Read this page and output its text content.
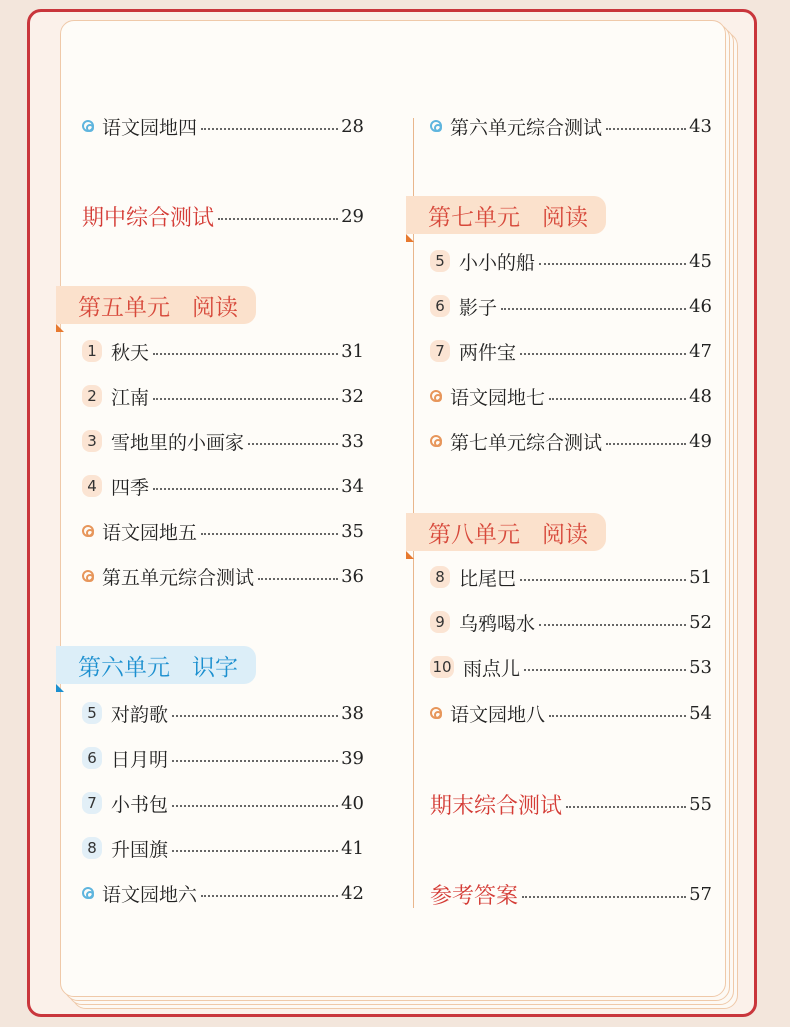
语文园地四	28
期中综合测试	29
第五单元 阅读
1 秋天	31
2 江南	32
3 雪地里的小画家	33
4 四季	34
语文园地五	35
第五单元综合测试	36
第六单元 识字
5 对韵歌	38
6 日月明	39
7 小书包	40
8 升国旗	41
语文园地六	42
第六单元综合测试	43
第七单元 阅读
5 小小的船	45
6 影子	46
7 两件宝	47
语文园地七	48
第七单元综合测试	49
第八单元 阅读
8 比尾巴	51
9 乌鸦喝水	52
10 雨点儿	53
语文园地八	54
期末综合测试	55
参考答案	57
